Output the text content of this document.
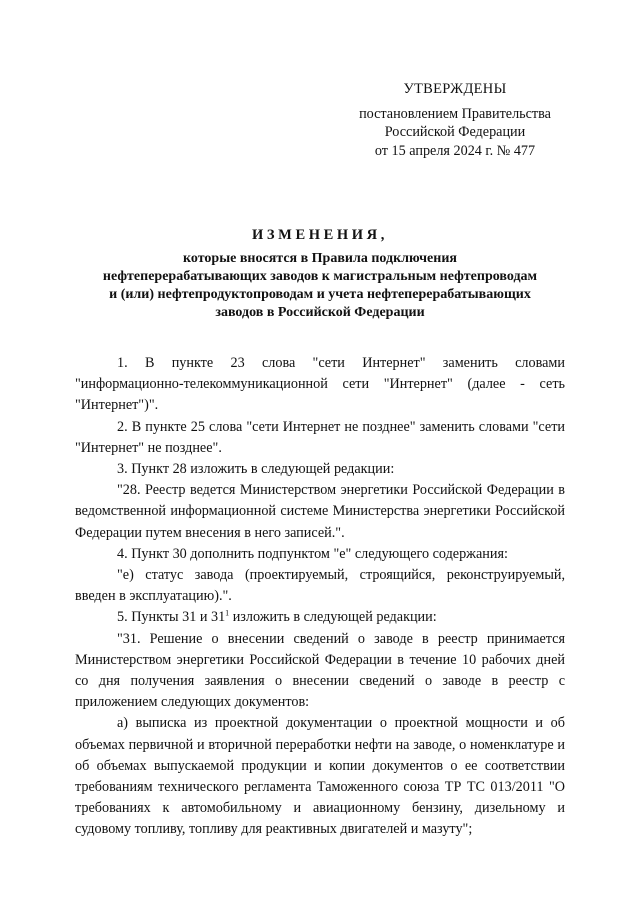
УТВЕРЖДЕНЫ
постановлением Правительства
Российской Федерации
от 15 апреля 2024 г. № 477
ИЗМЕНЕНИЯ,
которые вносятся в Правила подключения
нефтеперерабатывающих заводов к магистральным нефтепроводам
и (или) нефтепродуктопроводам и учета нефтеперерабатывающих
заводов в Российской Федерации

1. В пункте 23 слова "сети Интернет" заменить словами "информационно-телекоммуникационной сети "Интернет" (далее - сеть "Интернет")".

2. В пункте 25 слова "сети Интернет не позднее" заменить словами "сети "Интернет" не позднее".

3. Пункт 28 изложить в следующей редакции:

"28. Реестр ведется Министерством энергетики Российской Федерации в ведомственной информационной системе Министерства энергетики Российской Федерации путем внесения в него записей.".

4. Пункт 30 дополнить подпунктом "е" следующего содержания:

"е) статус завода (проектируемый, строящийся, реконструируемый, введен в эксплуатацию).".

5. Пункты 31 и $31^1$ изложить в следующей редакции:

"31. Решение о внесении сведений о заводе в реестр принимается Министерством энергетики Российской Федерации в течение 10 рабочих дней со дня получения заявления о внесении сведений о заводе в реестр с приложением следующих документов:

а) выписка из проектной документации о проектной мощности и об объемах первичной и вторичной переработки нефти на заводе, о номенклатуре и об объемах выпускаемой продукции и копии документов о ее соответствии требованиям технического регламента Таможенного союза ТР ТС 013/2011 "О требованиях к автомобильному и авиационному бензину, дизельному и судовому топливу, топливу для реактивных двигателей и мазуту";
